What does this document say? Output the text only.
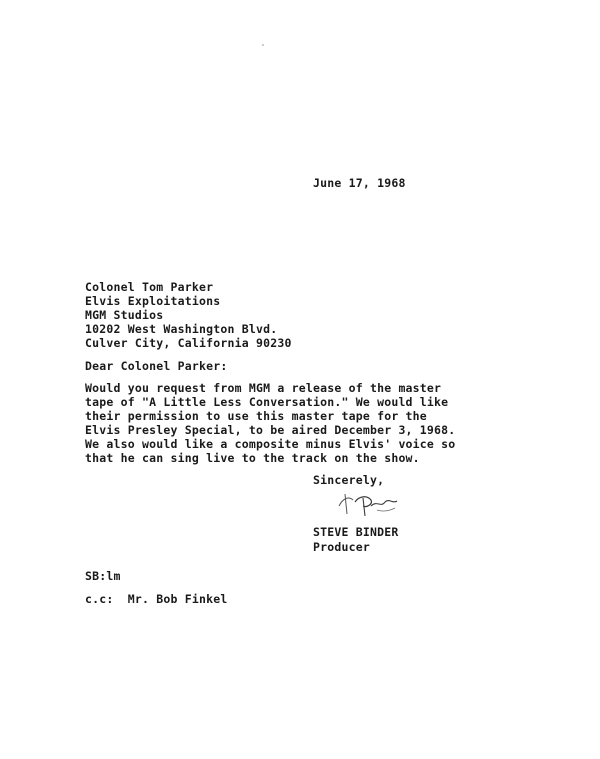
June 17, 1968
Colonel Tom Parker
Elvis Exploitations
MGM Studios
10202 West Washington Blvd.
Culver City, California 90230
Dear Colonel Parker:
Would you request from MGM a release of the master
tape of "A Little Less Conversation." We would like
their permission to use this master tape for the
Elvis Presley Special, to be aired December 3, 1968.
We also would like a composite minus Elvis' voice so
that he can sing live to the track on the show.
Sincerely,
STEVE BINDER
Producer
SB:lm
c.c:  Mr. Bob Finkel
